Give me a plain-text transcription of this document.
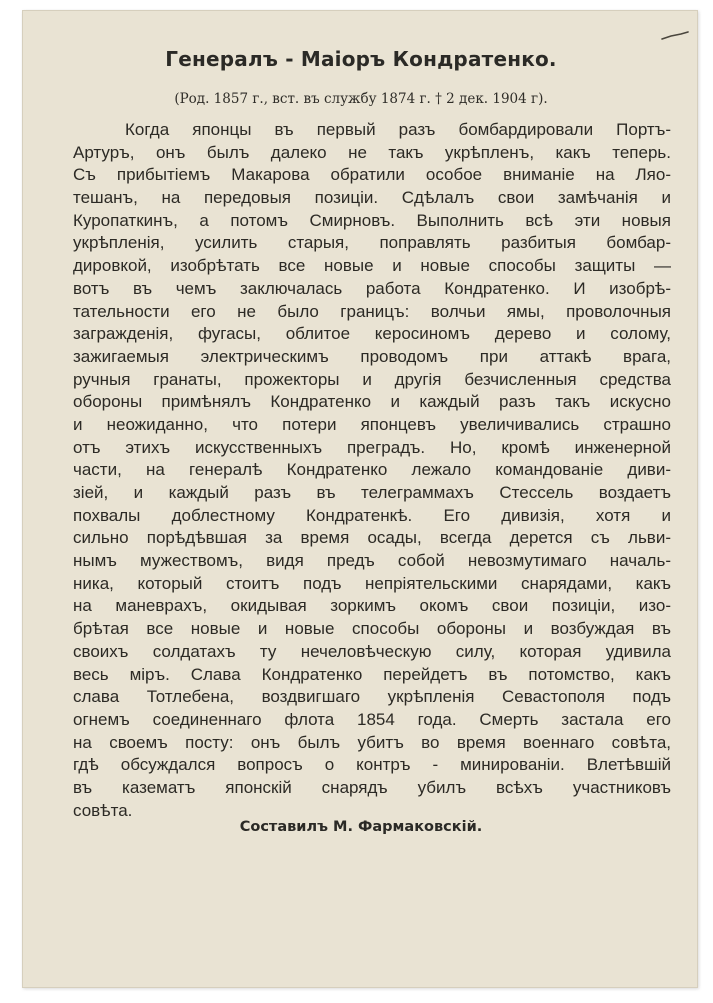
Генералъ - Маіоръ Кондратенко.
(Род. 1857 г., вст. въ службу 1874 г. † 2 дек. 1904 г).
Когда японцы въ первый разъ бомбардировали Портъ-
Артуръ, онъ былъ далеко не такъ укрѣпленъ, какъ теперь.
Съ прибытіемъ Макарова обратили особое вниманіе на Ляо-
тешанъ, на передовыя позиціи. Сдѣлалъ свои замѣчанія и
Куропаткинъ, а потомъ Смирновъ. Выполнить всѣ эти новыя
укрѣпленія, усилить старыя, поправлять разбитыя бомбар-
дировкой, изобрѣтать все новые и новые способы защиты —
вотъ въ чемъ заключалась работа Кондратенко. И изобрѣ-
тательности его не было границъ: волчьи ямы, проволочныя
загражденія, фугасы, облитое керосиномъ дерево и солому,
зажигаемыя электрическимъ проводомъ при аттакѣ врага,
ручныя гранаты, прожекторы и другія безчисленныя средства
обороны примѣнялъ Кондратенко и каждый разъ такъ искусно
и неожиданно, что потери японцевъ увеличивались страшно
отъ этихъ искусственныхъ преградъ. Но, кромѣ инженерной
части, на генералѣ Кондратенко лежало командованіе диви-
зіей, и каждый разъ въ телеграммахъ Стессель воздаетъ
похвалы доблестному Кондратенкѣ. Его дивизія, хотя и
сильно порѣдѣвшая за время осады, всегда дерется съ льви-
нымъ мужествомъ, видя предъ собой невозмутимаго началь-
ника, который стоитъ подъ непріятельскими снарядами, какъ
на маневрахъ, окидывая зоркимъ окомъ свои позиціи, изо-
брѣтая все новые и новые способы обороны и возбуждая въ
своихъ солдатахъ ту нечеловѣческую силу, которая удивила
весь міръ. Слава Кондратенко перейдетъ въ потомство, какъ
слава Тотлебена, воздвигшаго укрѣпленія Севастополя подъ
огнемъ соединеннаго флота 1854 года. Смерть застала его
на своемъ посту: онъ былъ убитъ во время военнаго совѣта,
гдѣ обсуждался вопросъ о контръ - минированіи. Влетѣвшій
въ казематъ японскій снарядъ убилъ всѣхъ участниковъ
совѣта.
Составилъ М. Фармаковскій.
